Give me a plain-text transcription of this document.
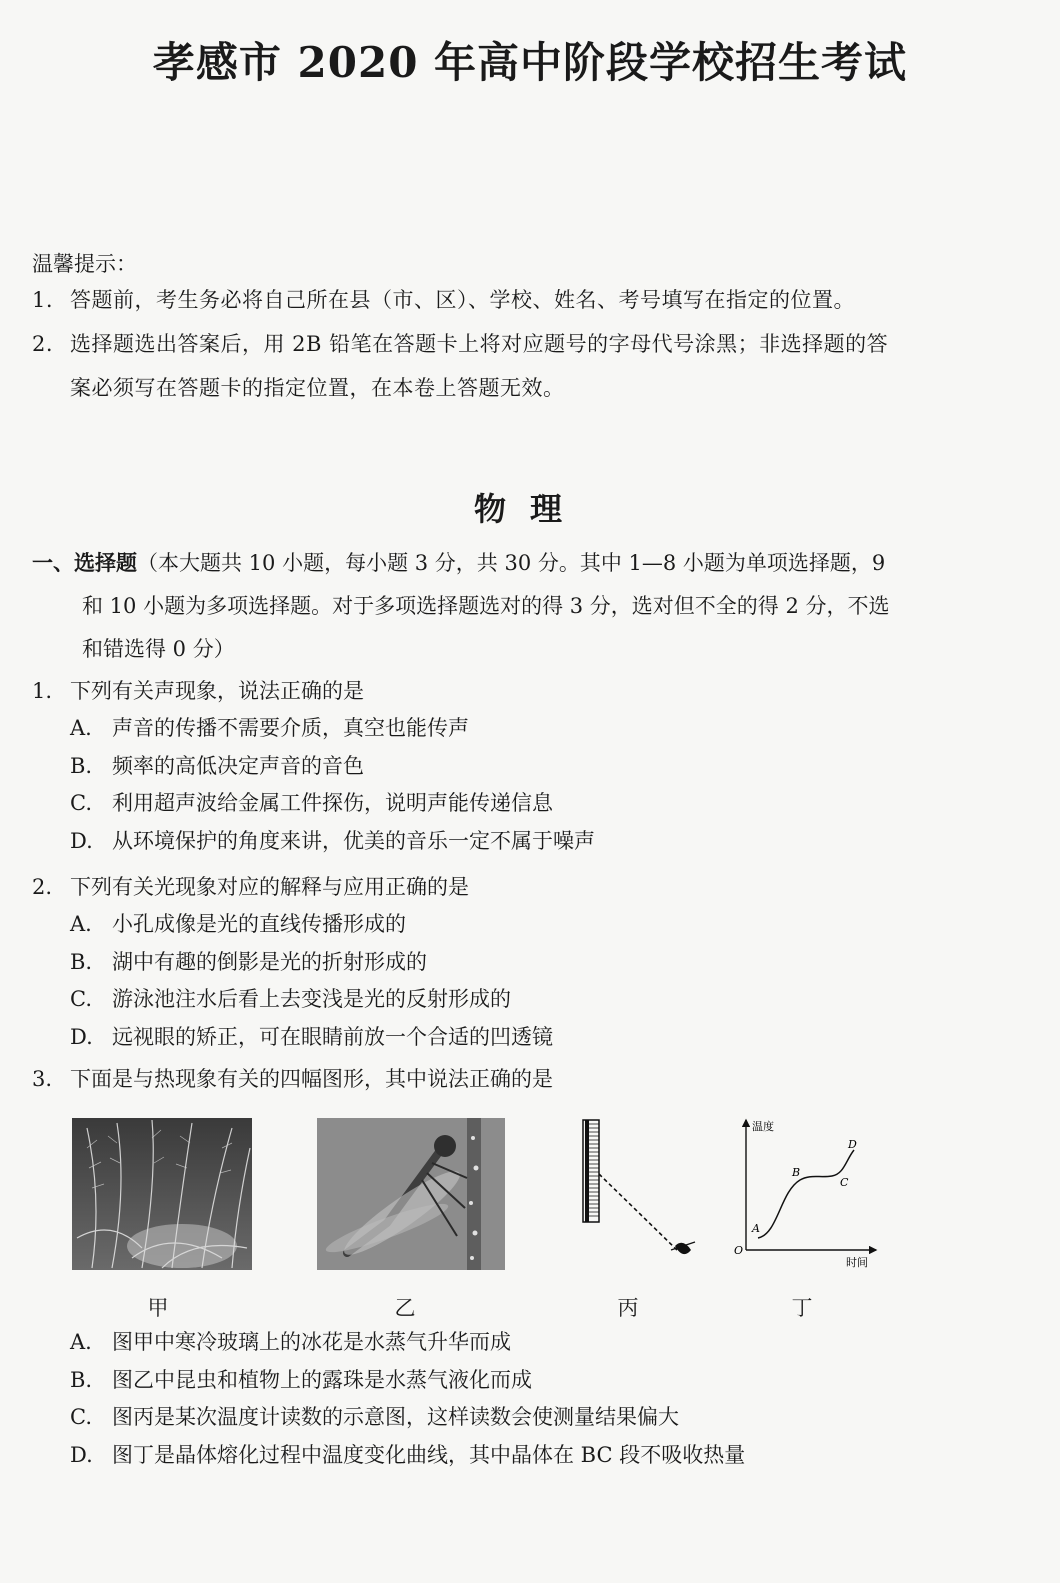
孝感市 2020 年高中阶段学校招生考试
温馨提示：
1. 答题前，考生务必将自己所在县（市、区）、学校、姓名、考号填写在指定的位置。
2. 选择题选出答案后，用 2B 铅笔在答题卡上将对应题号的字母代号涂黑；非选择题的答
案必须写在答题卡的指定位置，在本卷上答题无效。
物理
一、选择题（本大题共 10 小题，每小题 3 分，共 30 分。其中 1—8 小题为单项选择题，9
和 10 小题为多项选择题。对于多项选择题选对的得 3 分，选对但不全的得 2 分，不选
和错选得 0 分）
1. 下列有关声现象，说法正确的是
A. 声音的传播不需要介质，真空也能传声
B. 频率的高低决定声音的音色
C. 利用超声波给金属工件探伤，说明声能传递信息
D. 从环境保护的角度来讲，优美的音乐一定不属于噪声
2. 下列有关光现象对应的解释与应用正确的是
A. 小孔成像是光的直线传播形成的
B. 湖中有趣的倒影是光的折射形成的
C. 游泳池注水后看上去变浅是光的反射形成的
D. 远视眼的矫正，可在眼睛前放一个合适的凹透镜
3. 下面是与热现象有关的四幅图形，其中说法正确的是
温度
时间
O
A
B
C
D
甲	乙	丙	丁
A. 图甲中寒冷玻璃上的冰花是水蒸气升华而成
B. 图乙中昆虫和植物上的露珠是水蒸气液化而成
C. 图丙是某次温度计读数的示意图，这样读数会使测量结果偏大
D. 图丁是晶体熔化过程中温度变化曲线，其中晶体在 BC 段不吸收热量
